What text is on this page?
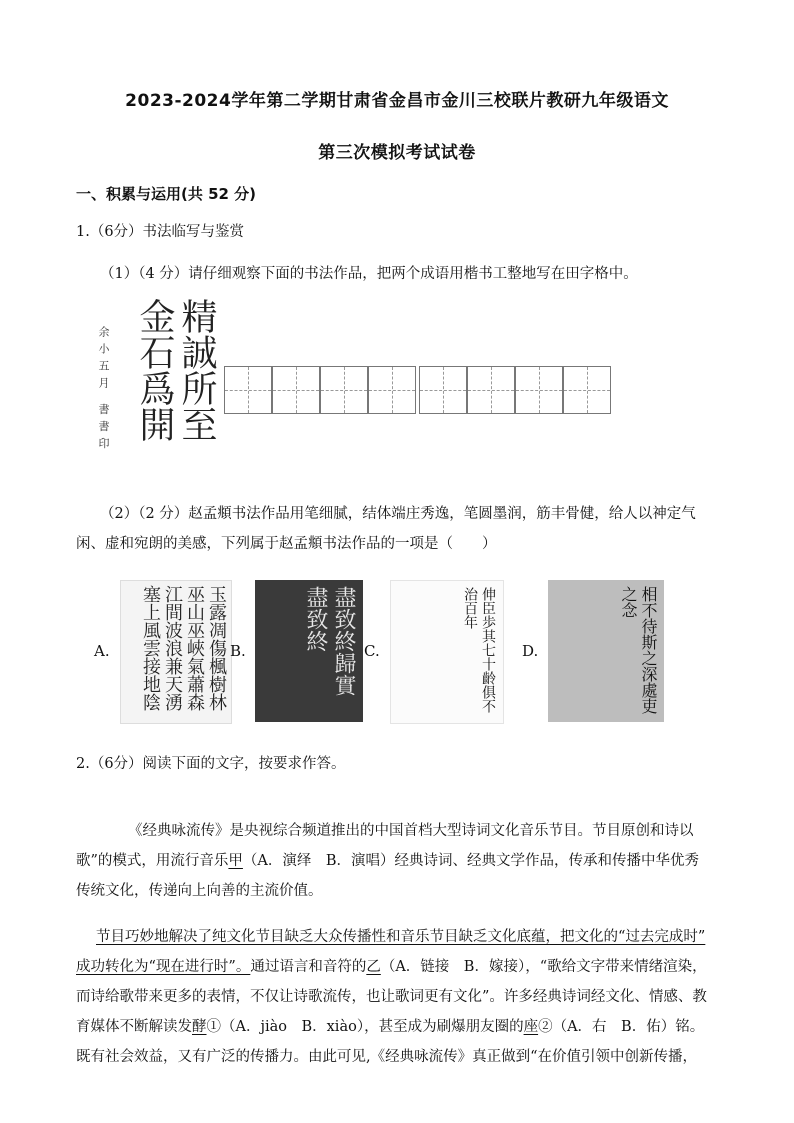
2023-2024学年第二学期甘肃省金昌市金川三校联片教研九年级语文
第三次模拟考试试卷
一、积累与运用(共 52 分)
1.（6分）书法临写与鉴赏
（1）（4 分）请仔细观察下面的书法作品，把两个成语用楷书工整地写在田字格中。
余小五月 書書印 精誠所至
金石爲開
（2）（2 分）赵孟頫书法作品用笔细腻，结体端庄秀逸，笔圆墨润，筋丰骨健，给人以神定气
闲、虚和宛朗的美感，下列属于赵孟頫书法作品的一项是（　　）
A.	玉露凋傷楓樹林巫山巫峽氣蕭森江間波浪兼天湧塞上風雲接地陰	B.	盡致終歸實盡致終	C.	伸臣歩其七十齡俱不治百年
D.	相不待斯之深處吏之念
2.（6分）阅读下面的文字，按要求作答。
《经典咏流传》是央视综合频道推出的中国首档大型诗词文化音乐节目。节目原创和诗以
歌”的模式，用流行音乐甲（A．演绎　B．演唱）经典诗词、经典文学作品，传承和传播中华优秀
传统文化，传递向上向善的主流价值。
节目巧妙地解决了纯文化节目缺乏大众传播性和音乐节目缺乏文化底蕴，把文化的“过去完成时”
成功转化为“现在进行时”。通过语言和音符的乙（A．链接　B．嫁接），“歌给文字带来情绪渲染，
而诗给歌带来更多的表情，不仅让诗歌流传，也让歌词更有文化”。许多经典诗词经文化、情感、教
育媒体不断解读发酵①（A．jiào　B．xiào），甚至成为刷爆朋友圈的座②（A．右　B．佑）铭。
既有社会效益，又有广泛的传播力。由此可见,《经典咏流传》真正做到“在价值引领中创新传播，
